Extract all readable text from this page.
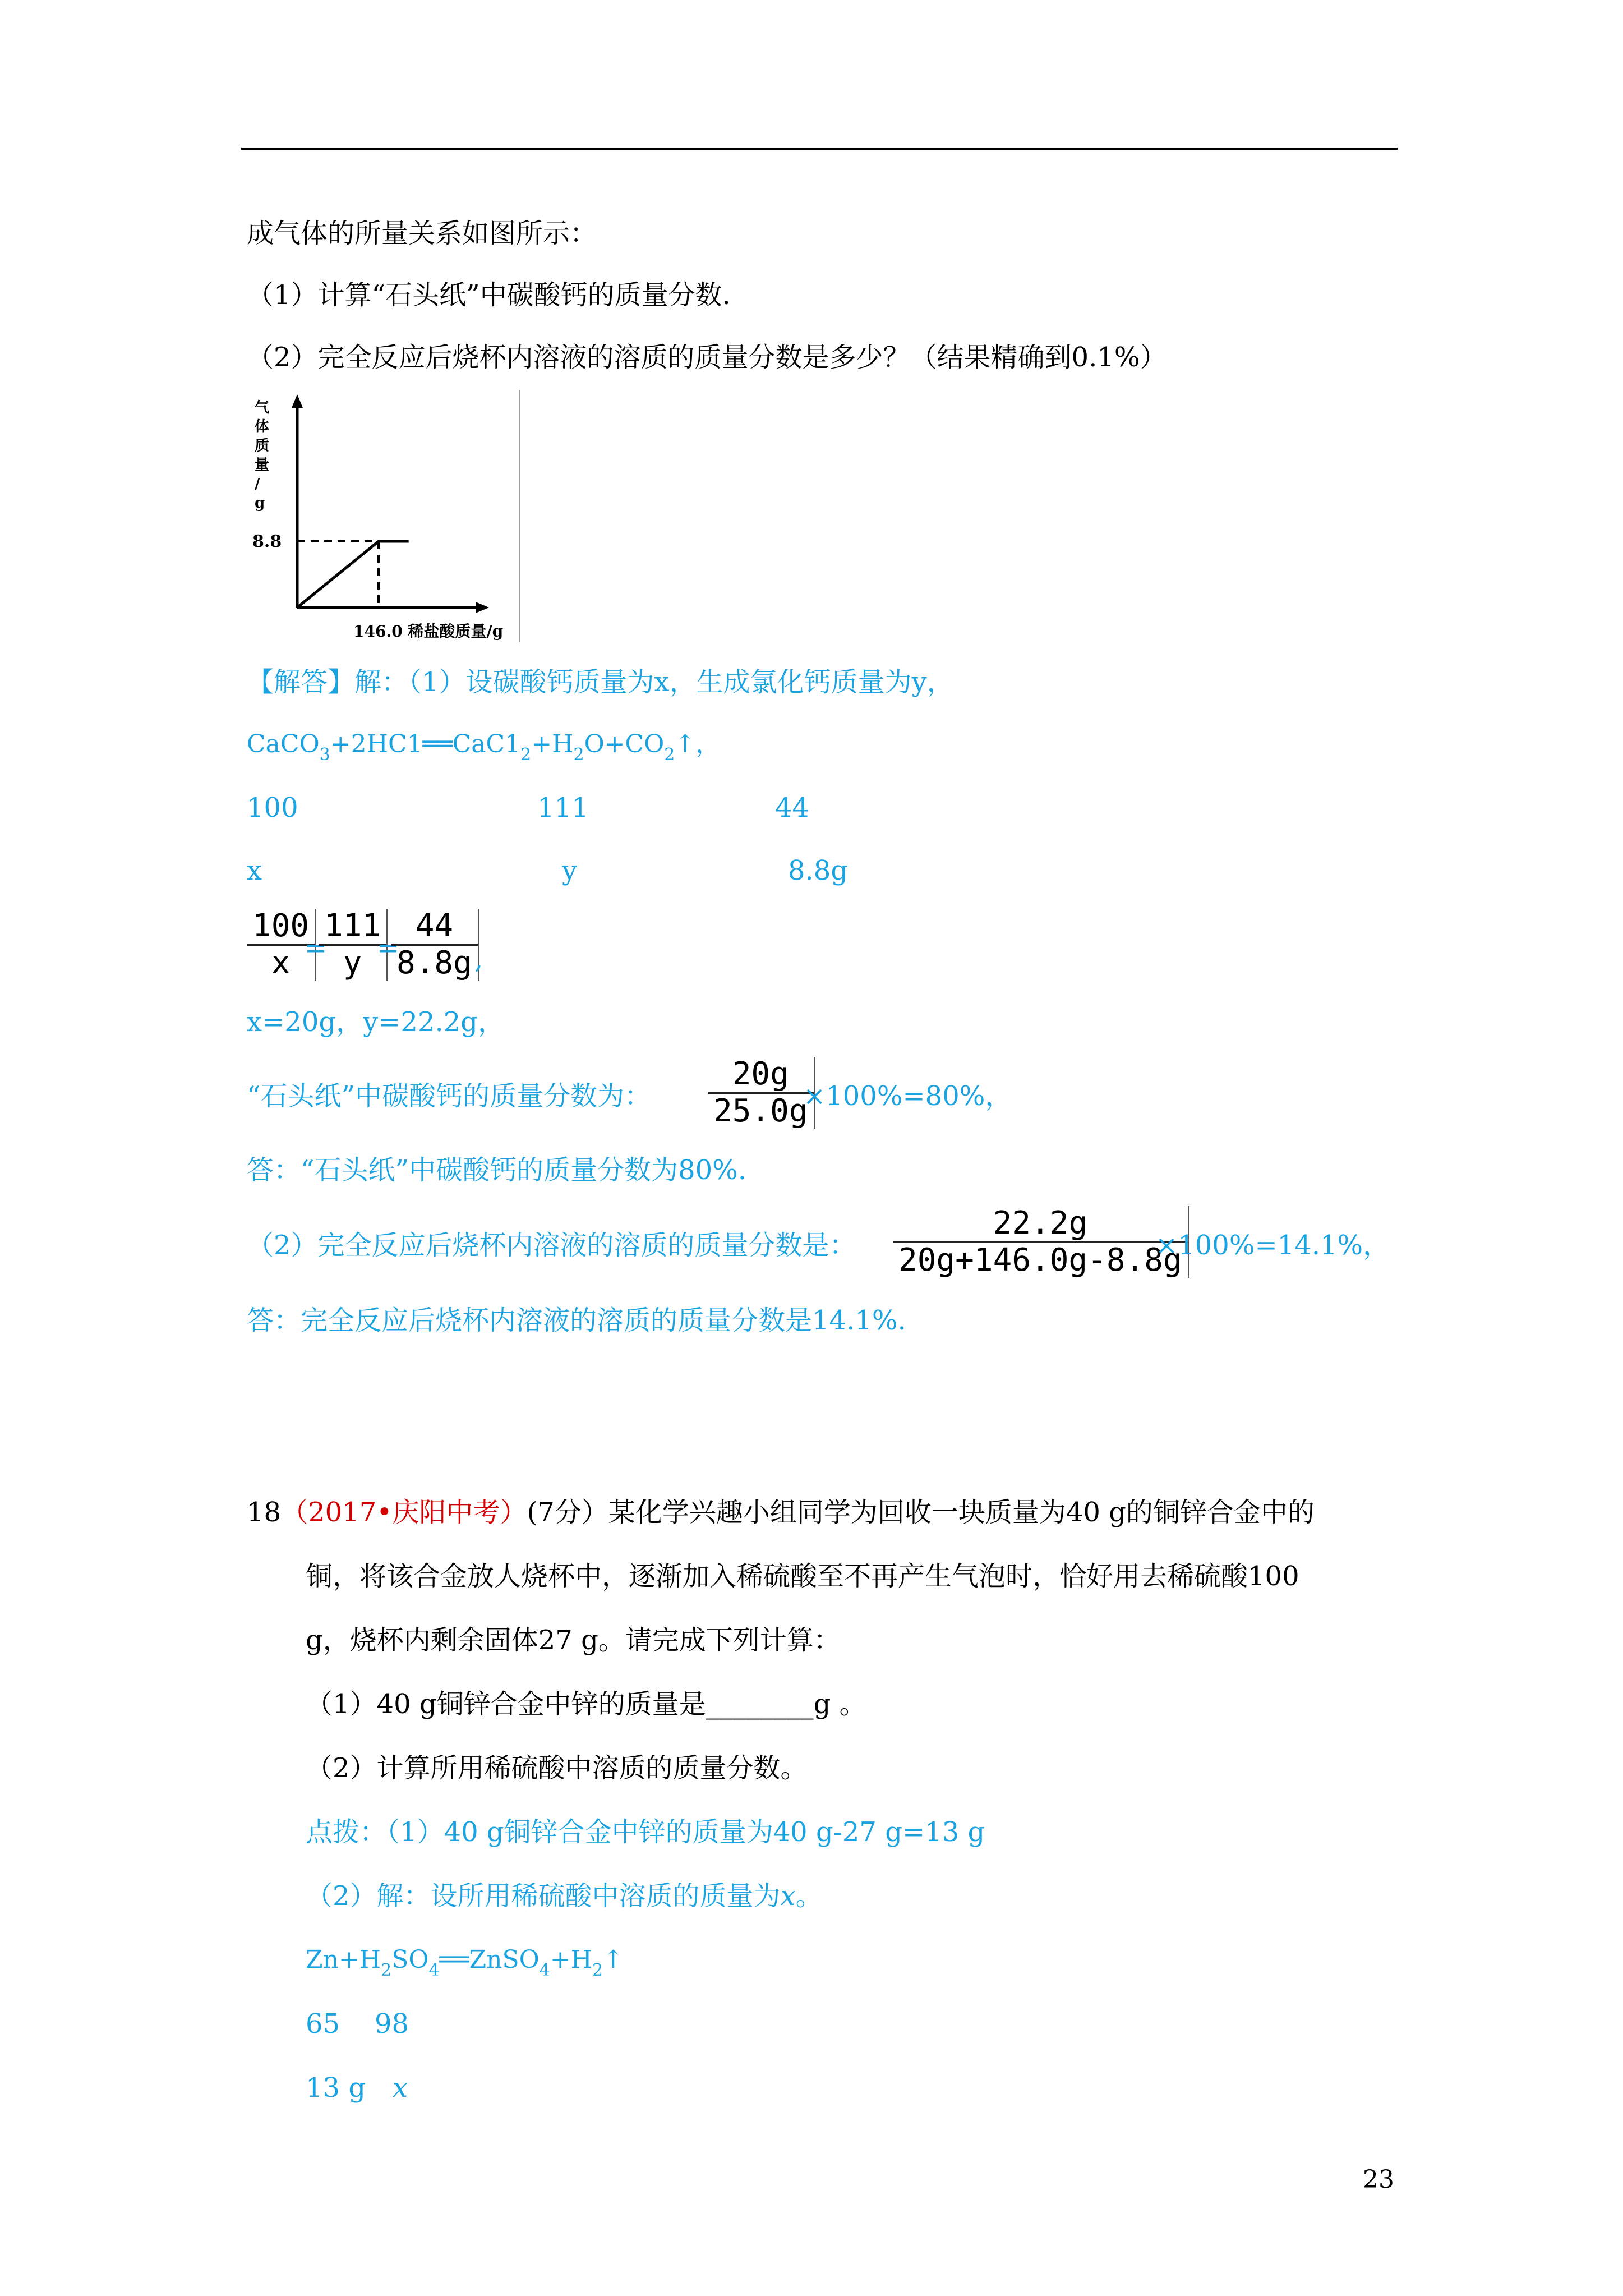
成气体的所量关系如图所示：
（1）计算“石头纸”中碳酸钙的质量分数.
（2）完全反应后烧杯内溶液的溶质的质量分数是多少？（结果精确到0.1%）
气体质量/ g
8.8
146.0 稀盐酸质量/g
【解答】解：（1）设碳酸钙质量为x，生成氯化钙质量为y，
$CaCO_3+2HC1══CaC1_2+H_2O+CO_2↑$，
100	111	44
x	y	8.8g
$\frac{100}{x}$
=
$\frac{111}{y}$
=
$\frac{44}{8.8g}$
,
x=20g，y=22.2g，
“石头纸”中碳酸钙的质量分数为： $\frac{20g}{25.0g}$
×100%=80%，
答：“石头纸”中碳酸钙的质量分数为80%.
（2）完全反应后烧杯内溶液的溶质的质量分数是： $\frac{22.2g}{20g+146.0g-8.8g}$
×100%=14.1%，
答：完全反应后烧杯内溶液的溶质的质量分数是14.1%.
18（2017•庆阳中考）(7分）某化学兴趣小组同学为回收一块质量为40 g的铜锌合金中的
铜，将该合金放人烧杯中，逐渐加入稀硫酸至不再产生气泡时，恰好用去稀硫酸100
g，烧杯内剩余固体27 g。请完成下列计算：
（1）40 g铜锌合金中锌的质量是________g 。
（2）计算所用稀硫酸中溶质的质量分数。
点拨：（1）40 g铜锌合金中锌的质量为40 g-27 g=13 g
（2）解：设所用稀硫酸中溶质的质量为x。
$Zn+H_2SO_4══ZnSO_4+H_2↑$
65 98
13 g x
23
